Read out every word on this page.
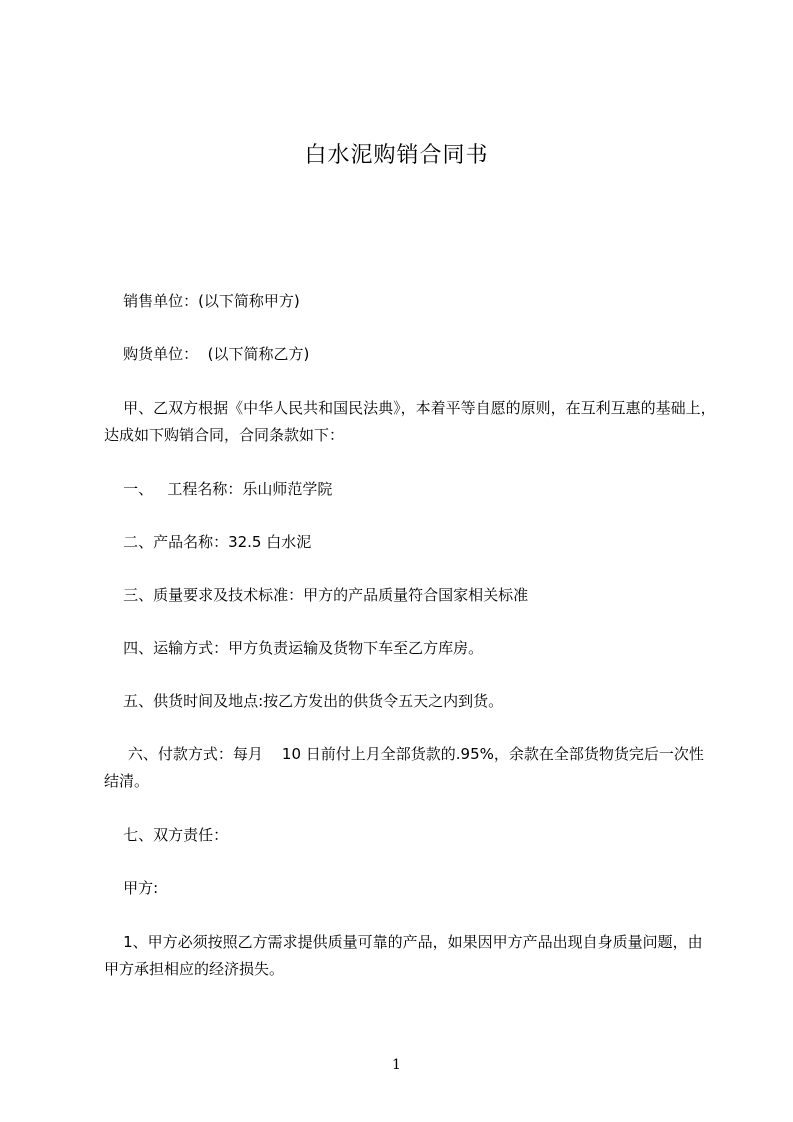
白水泥购销合同书
销售单位：(以下简称甲方)
购货单位：  (以下简称乙方)
甲、乙双方根据《中华人民共和国民法典》，本着平等自愿的原则，在互利互惠的基础上，达成如下购销合同，合同条款如下：
一、   工程名称：乐山师范学院
二、产品名称：32.5 白水泥
三、质量要求及技术标准：甲方的产品质量符合国家相关标准
四、运输方式：甲方负责运输及货物下车至乙方库房。
五、供货时间及地点:按乙方发出的供货令五天之内到货。
六、付款方式：每月    10 日前付上月全部货款的.95%，余款在全部货物货完后一次性结清。
七、双方责任：
甲方:
1、甲方必须按照乙方需求提供质量可靠的产品，如果因甲方产品出现自身质量问题，由甲方承担相应的经济损失。
1
